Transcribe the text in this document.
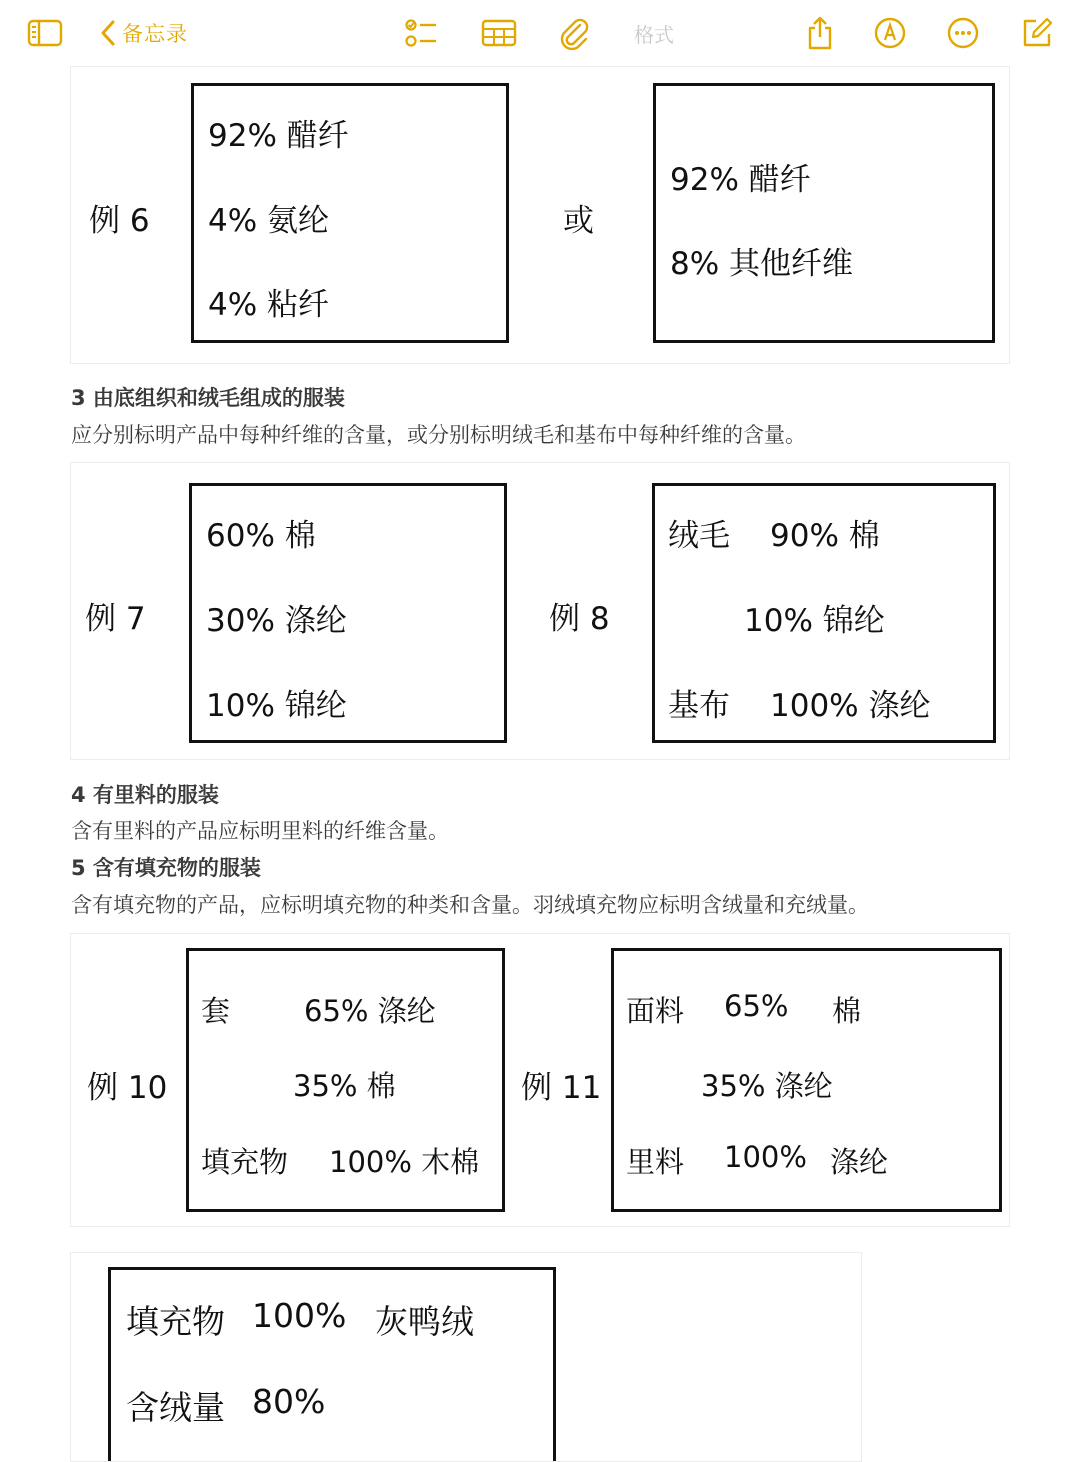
备忘录	格式
例 6
92% 醋纤
4% 氨纶
4% 粘纤
或
92% 醋纤
8% 其他纤维
3 由底组织和绒毛组成的服装
应分别标明产品中每种纤维的含量，或分别标明绒毛和基布中每种纤维的含量。
例 7
60% 棉
30% 涤纶
10% 锦纶
例 8
绒毛 90% 棉
10% 锦纶
基布 100% 涤纶
4 有里料的服装
含有里料的产品应标明里料的纤维含量。
5 含有填充物的服装
含有填充物的产品，应标明填充物的种类和含量。羽绒填充物应标明含绒量和充绒量。
例 10
套	65% 涤纶
35% 棉
填充物 100% 木棉
例 11
面料 65% 棉
35% 涤纶
里料 100% 涤纶
填充物 100% 灰鸭绒
含绒量 80%
